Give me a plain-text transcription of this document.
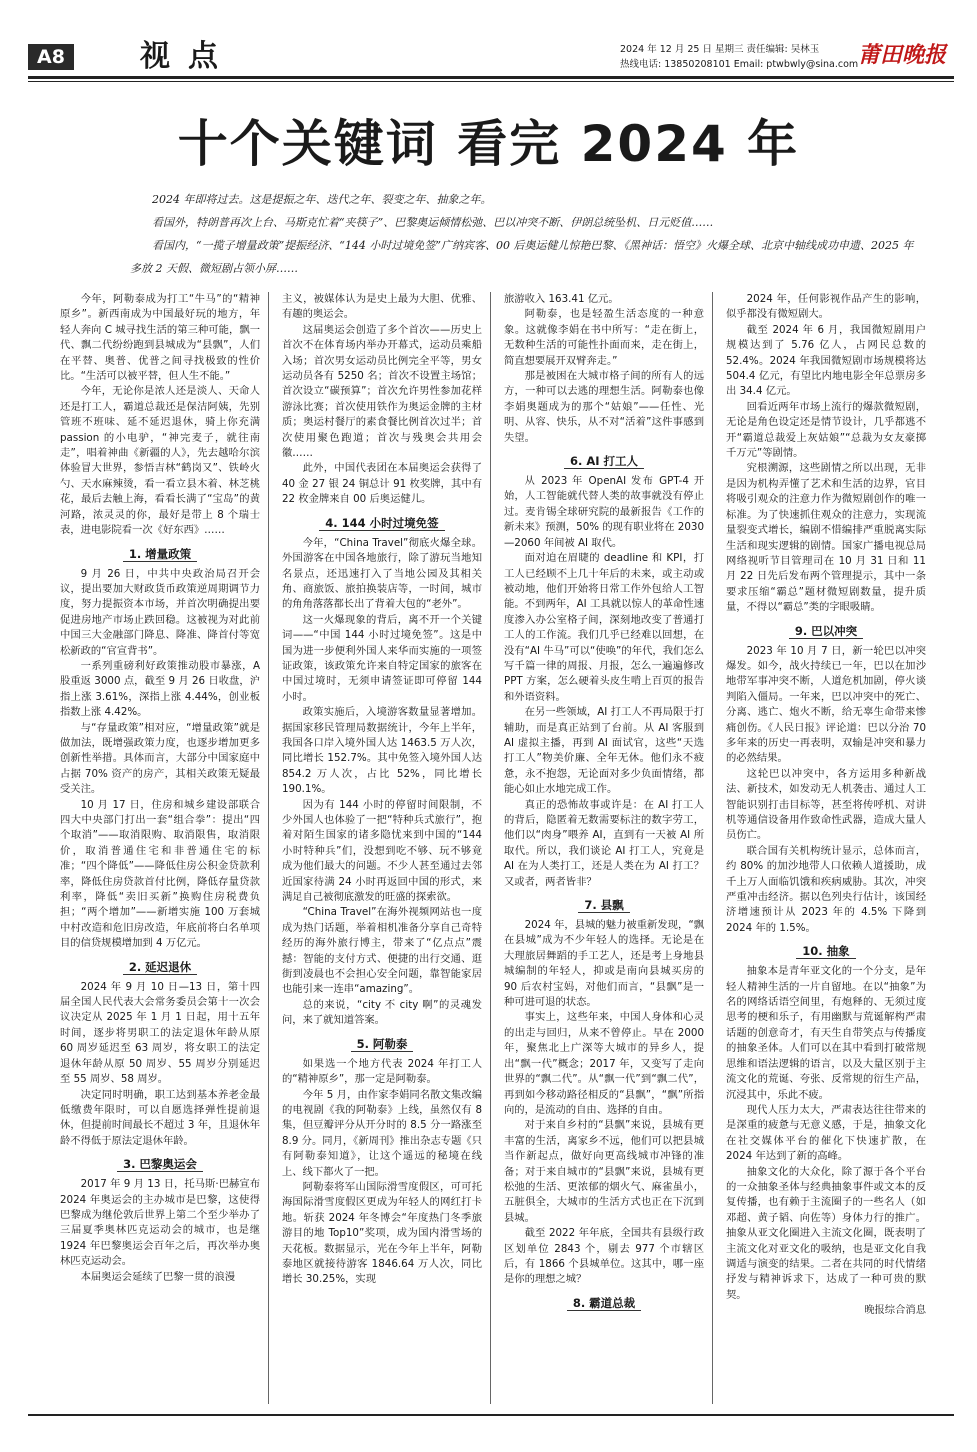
A8	视点	2024 年 12 月 25 日 星期三 责任编辑: 吴林玉
热线电话: 13850208101 Email: ptwbwly@sina.com 莆田晚报
十个关键词 看完 2024 年

2024 年即将过去。这是提振之年、迭代之年、裂变之年、抽象之年。

看国外，特朗普再次上台、马斯克忙着“夹筷子”、巴黎奥运倾情松弛、巴以冲突不断、伊朗总统坠机、日元贬值……

看国内，“一揽子增量政策”提振经济、“144 小时过境免签”广纳宾客、00 后奥运健儿惊艳巴黎、《黑神话：悟空》火爆全球、北京中轴线成功申遗、2025 年多放 2 天假、微短剧占领小屏……

今年，阿勒泰成为打工“牛马”的“精神原乡”。新西南成为中国最好玩的地方，年轻人奔向 C 城寻找生活的第三种可能，飘一代、飘二代纷纷跑到县城成为“县飘”，人们在平替、奥普、优普之间寻找极致的性价比。“生活可以被平替，但人生不能。”

今年，无论你是浓人还是淡人、天命人还是打工人，霸道总裁还是保洁阿姨，先别管班不班味、延不延迟退休，骑上你充满 passion 的小电驴，“神完麦子，就往南走”，唱着神曲《新疆的人》，先去越哈尔滨体验冒大世界，参悟吉林“鹤岗又”、铁岭火勺、天水麻辣烫，看一看立县木着、林芝桃花，最后去触上海，看看长满了“宝岛”的黄河路，浓灵灵的你，最好是带上 8 个瑞士表，进电影院看一次《好东西》……

1. 增量政策

9 月 26 日，中共中央政治局召开会议，提出要加大财政货币政策逆周期调节力度，努力提振资本市场，并首次明确提出要促进房地产市场止跌回稳。这被视为对此前中国三大金融部门降息、降准、降首付等宽松新政的“官宣背书”。

一系列重磅利好政策推动股市暴涨，A 股重返 3000 点，截至 9 月 26 日收盘，沪指上涨 3.61%，深指上涨 4.44%，创业板指数上涨 4.42%。

与“存量政策”相对应，“增量政策”就是做加法，既增强政策力度，也逐步增加更多创新性举措。具体而言，大部分中国家庭中占据 70% 资产的房产，其相关政策无疑最受关注。

10 月 17 日，住房和城乡建设部联合四大中央部门打出一套“组合拳”：提出“四个取消”——取消限购、取消限售，取消限价，取消普通住宅和非普通住宅的标准；“四个降低”——降低住房公积金贷款利率，降低住房贷款首付比例，降低存量贷款利率，降低“卖旧买新”换购住房税费负担；“两个增加”——新增实施 100 万套城中村改造和危旧房改造，年底前将白名单项目的信贷规模增加到 4 万亿元。

2. 延迟退休

2024 年 9 月 10 日—13 日，第十四届全国人民代表大会常务委员会第十一次会议决定从 2025 年 1 月 1 日起，用十五年时间，逐步将男职工的法定退休年龄从原 60 周岁延迟至 63 周岁，将女职工的法定退休年龄从原 50 周岁、55 周岁分别延迟至 55 周岁、58 周岁。

决定同时明确，职工达到基本养老金最低缴费年限时，可以自愿选择弹性提前退休，但提前时间最长不超过 3 年，且退休年龄不得低于原法定退休年龄。

3. 巴黎奥运会

2017 年 9 月 13 日，托马斯·巴赫宣布 2024 年奥运会的主办城市是巴黎，这使得巴黎成为继伦敦后世界上第二个至少举办了三届夏季奥林匹克运动会的城市，也是继 1924 年巴黎奥运会百年之后，再次举办奥林匹克运动会。

本届奥运会延续了巴黎一贯的浪漫

主义，被媒体认为是史上最为大胆、优雅、有趣的奥运会。

这届奥运会创造了多个首次——历史上首次不在体育场内举办开幕式，运动员乘船入场；首次男女运动员比例完全平等，男女运动员各有 5250 名；首次不设置主场馆；首次设立“碳预算”；首次允许男性参加花样游泳比赛；首次使用铁作为奥运金牌的主材质；奥运村餐厅的素食餐比例首次过半；首次使用聚色跑道；首次与残奥会共用会徽……

此外，中国代表团在本届奥运会获得了 40 金 27 银 24 铜总计 91 枚奖牌，其中有 22 枚金牌来自 00 后奥运健儿。

4. 144 小时过境免签

今年，“China Travel”彻底火爆全球。外国游客在中国各地旅行，除了游玩当地知名景点，还迅速打入了当地公园及其相关角、商旅饭、旅拍换装店等，一时间，城市的角角落落都长出了背着大包的“老外”。

这一火爆现象的背后，离不开一个关键词——“中国 144 小时过境免签”。这是中国为进一步便利外国人来华而实施的一项签证政策，该政策允许来自特定国家的旅客在中国过境时，无须申请签证即可停留 144 小时。

政策实施后，入境游客数量显著增加。据国家移民管理局数据统计，今年上半年，我国各口岸入境外国人达 1463.5 万人次，同比增长 152.7%。其中免签入境外国人达 854.2 万人次，占比 52%，同比增长 190.1%。

因为有 144 小时的停留时间限制，不少外国人也体验了一把“特种兵式旅行”，抱着对陌生国家的诸多隐忧来到中国的“144 小时特种兵”们，没想到吃不够、玩不够竟成为他们最大的问题。不少人甚至通过去邻近国家待满 24 小时再返回中国的形式，来满足自己被彻底激发的旺盛的探索欲。

“China Travel”在海外视频网站也一度成为热门话题，举着相机准备分享自己奇特经历的海外旅行博主，带来了“亿点点”震撼：智能的支付方式、便捷的出行交通、逛街到凌晨也不会担心安全问题，靠智能家居也能引来一连串“amazing”。

总的来说，“city 不 city 啊”的灵魂发问，来了就知道答案。

5. 阿勒泰

如果选一个地方代表 2024 年打工人的“精神原乡”，那一定是阿勒泰。

今年 5 月，由作家李娟同名散文集改编的电视剧《我的阿勒泰》上线，虽然仅有 8 集，但豆瓣评分从开分时的 8.5 分一路涨至 8.9 分。同月，《新周刊》推出杂志专题《只有阿勒泰知道》，让这个遥远的秘境在线上、线下都火了一把。

阿勒泰将军山国际滑雪度假区，可可托海国际滑雪度假区更成为年轻人的网红打卡地。斩获 2024 年冬博会“年度热门冬季旅游目的地 Top10”奖项，成为国内滑雪场的天花板。数据显示，光在今年上半年，阿勒泰地区就接待游客 1846.64 万人次，同比增长 30.25%，实现

旅游收入 163.41 亿元。

阿勒泰，也是轻盈生活态度的一种意象。这就像李娟在书中所写：“走在街上，无数种生活的可能性扑面而来，走在街上，简直想要展开双臂奔走。”

那是被困在大城市格子间的所有人的远方，一种可以去逃的理想生活。阿勒泰也像李娟奥题成为的那个“姑娘”——任性、光明、从容、快乐，从不对“活着”这件事感到失望。

6. AI 打工人

从 2023 年 OpenAI 发布 GPT-4 开始，人工智能就代替人类的故事就没有停止过。麦肯锡全球研究院的最新报告《工作的新未来》预测，50% 的现有职业将在 2030—2060 年间被 AI 取代。

面对迫在眉睫的 deadline 和 KPI，打工人已经顾不上几十年后的未来，或主动或被动地，他们开始将日常工作外包给人工智能。不到两年，AI 工具就以惊人的革命性速度渗入办公室格子间，深刻地改变了普通打工人的工作流。我们几乎已经难以回想，在没有“AI 牛马”可以“使唤”的年代，我们怎么写千篇一律的周报、月报，怎么一遍遍修改 PPT 方案，怎么硬着头皮生啃上百页的报告和外语资料。

在另一些领域，AI 打工人不再局限于打辅助，而是真正站到了台前。从 AI 客服到 AI 虚拟主播，再到 AI 面试官，这些“天选打工人”物美价廉、全年无休。他们永不疲惫，永不抱怨，无论面对多少负面情绪，都能心如止水地完成工作。

真正的恐怖故事或许是：在 AI 打工人的背后，隐匿着无数需要标注的数字劳工，他们以“肉身”喂养 AI，直到有一天被 AI 所取代。所以，我们谈论 AI 打工人，究竟是 AI 在为人类打工，还是人类在为 AI 打工？又或者，两者皆非？

7. 县飘

2024 年，县城的魅力被重新发现，“飘在县城”成为不少年轻人的选择。无论是在大理旅居舞蹈的手工艺人，还是考上身地县城编制的年轻人，抑或是南向县城买房的 90 后农村宝妈，对他们而言，“县飘”是一种可进可退的状态。

事实上，这些年来，中国人身体和心灵的出走与回归，从来不曾停止。早在 2000 年，聚焦北上广深等大城市的异乡人，提出“飘一代”概念；2017 年，又变写了走向世界的“飘二代”。从“飘一代”到“飘二代”，再到如今移动路径相反的“县飘”，“飘”所指向的，是流动的自由、选择的自由。

对于来自乡村的“县飘”来说，县城有更丰富的生活，离家乡不远，他们可以把县城当作新起点，做好向更高线城市冲锋的准备；对于来自城市的“县飘”来说，县城有更松弛的生活、更浓郁的烟火气、麻雀虽小，五脏俱全，大城市的生活方式也正在下沉到县城。

截至 2022 年年底，全国共有县级行政区划单位 2843 个，剔去 977 个市辖区后，有 1866 个县城单位。这其中，哪一座是你的理想之城？

8. 霸道总裁

2024 年，任何影视作品产生的影响，似乎都没有微短剧大。

截至 2024 年 6 月，我国微短剧用户规模达到了 5.76 亿人，占网民总数的 52.4%。2024 年我国微短剧市场规模将达 504.4 亿元，有望比内地电影全年总票房多出 34.4 亿元。

回看近两年市场上流行的爆款微短剧，无论是角色设定还是情节设计，几乎都逃不开“霸道总裁爱上灰姑娘”“总裁为女友豪掷千万元”等剧情。

究根溯源，这些剧情之所以出现，无非是因为机构弄懂了艺术和生活的边界，官目将吸引观众的注意力作为微短剧创作的唯一标准。为了快速抓住观众的注意力，实现流量裂变式增长，编剧不惜编排严重脱离实际生活和现实逻辑的剧情。国家广播电视总局网络视听节目管理司在 10 月 31 日和 11 月 22 日先后发布两个管理提示，其中一条要求压缩“霸总”题材微短剧数量，提升质量，不得以“霸总”类的字眼吸睛。

9. 巴以冲突

2023 年 10 月 7 日，新一轮巴以冲突爆发。如今，战火持续已一年，巴以在加沙地带军事冲突不断，人道危机加剧，停火谈判陷入僵局。一年来，巴以冲突中的死亡、分离、逃亡、炮火不断，给无辜生命带来惨痛创伤。《人民日报》评论道：巴以分治 70 多年来的历史一再表明，双输是冲突和暴力的必然结果。

这轮巴以冲突中，各方运用多种新战法、新技术，如发动无人机袭击、通过人工智能识别打击目标等，甚至将传呼机、对讲机等通信设备用作致命性武器，造成大量人员伤亡。

联合国有关机构统计显示，总体而言，约 80% 的加沙地带人口依赖人道援助，成千上万人面临饥饿和疾病威胁。其次，冲突严重冲击经济。据以色列央行估计，该国经济增速预计从 2023 年的 4.5% 下降到 2024 年的 1.5%。

10. 抽象

抽象本是青年亚文化的一个分支，是年轻人精神生活的一片自留地。在以“抽象”为名的网络话语空间里，有炮释的、无须过度思考的梗和乐子，有用幽默与荒诞解构严肃话题的创意奇才，有天生自带笑点与传播度的抽象圣体。人们可以在其中看到打破常规思维和语法逻辑的语言，以及大量区别于主流文化的荒诞、夸张、反常规的衍生产品，沉浸其中，乐此不疲。

现代人压力太大，严肃表达往往带来的是深重的疲惫与无意义感，于是，抽象文化在社交媒体平台的催化下快速扩散，在 2024 年达到了新的高峰。

抽象文化的大众化，除了源于各个平台的一众抽象圣体与经典抽象事件或文本的反复传播，也有赖于主流圈子的一些名人（如邓超、黄子韬、向佐等）身体力行的推广。抽象从亚文化圈进入主流文化圈，既表明了主流文化对亚文化的吸纳，也是亚文化自我调适与演变的结果。二者在共同的时代情绪抒发与精神诉求下，达成了一种可贵的默契。

晚报综合消息
